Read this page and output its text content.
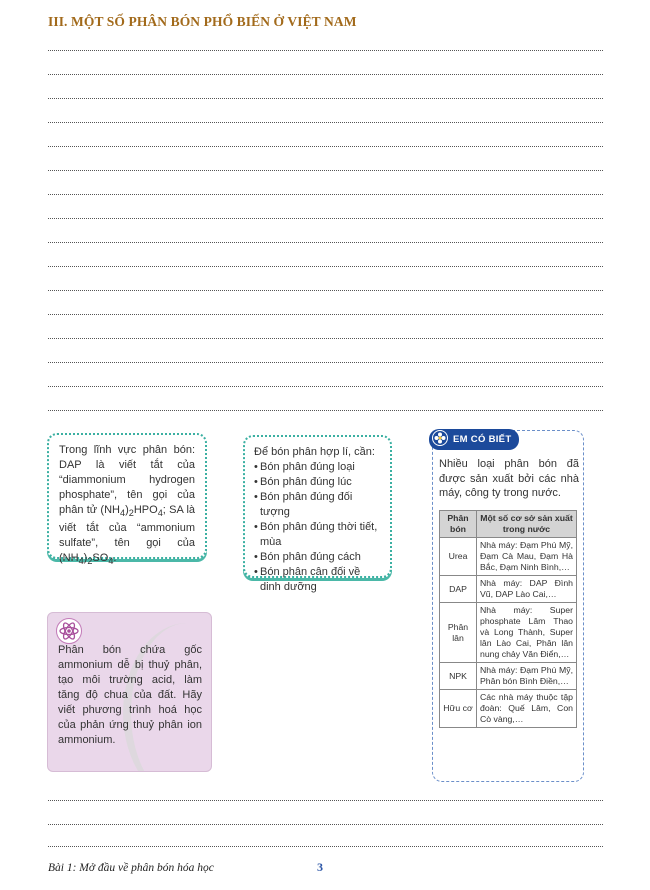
III. MỘT SỐ PHÂN BÓN PHỔ BIẾN Ở VIỆT NAM
Trong lĩnh vực phân bón: DAP là viết tắt của “diammonium hydrogen phosphate”, tên gọi của phân tử $(NH_4)_2HPO_4$; SA là viết tắt của “ammonium sulfate”, tên gọi của $(NH_4)_2SO_4$.
Để bón phân hợp lí, cần:
• Bón phân đúng loại
• Bón phân đúng lúc
• Bón phân đúng đối tượng
• Bón phân đúng thời tiết, mùa
• Bón phân đúng cách
• Bón phân cân đối về dinh dưỡng
Phân bón chứa gốc ammonium dễ bị thuỷ phân, tạo môi trường acid, làm tăng độ chua của đất. Hãy viết phương trình hoá học của phản ứng thuỷ phân ion ammonium.
EM CÓ BIẾT
Nhiều loại phân bón đã được sản xuất bởi các nhà máy, công ty trong nước.
Phân bón	Một số cơ sở sản xuất trong nước
Urea	Nhà máy: Đạm Phú Mỹ, Đạm Cà Mau, Đạm Hà Bắc, Đạm Ninh Bình,…
DAP	Nhà máy: DAP Đình Vũ, DAP Lào Cai,…
Phân lân	Nhà máy: Super phosphate Lâm Thao và Long Thành, Super lân Lào Cai, Phân lân nung chảy Văn Điển,…
NPK	Nhà máy: Đạm Phú Mỹ, Phân bón Bình Điền,…
Hữu cơ	Các nhà máy thuộc tập đoàn: Quế Lâm, Con Cò vàng,…
Bài 1: Mở đầu về phân bón hóa học	3
